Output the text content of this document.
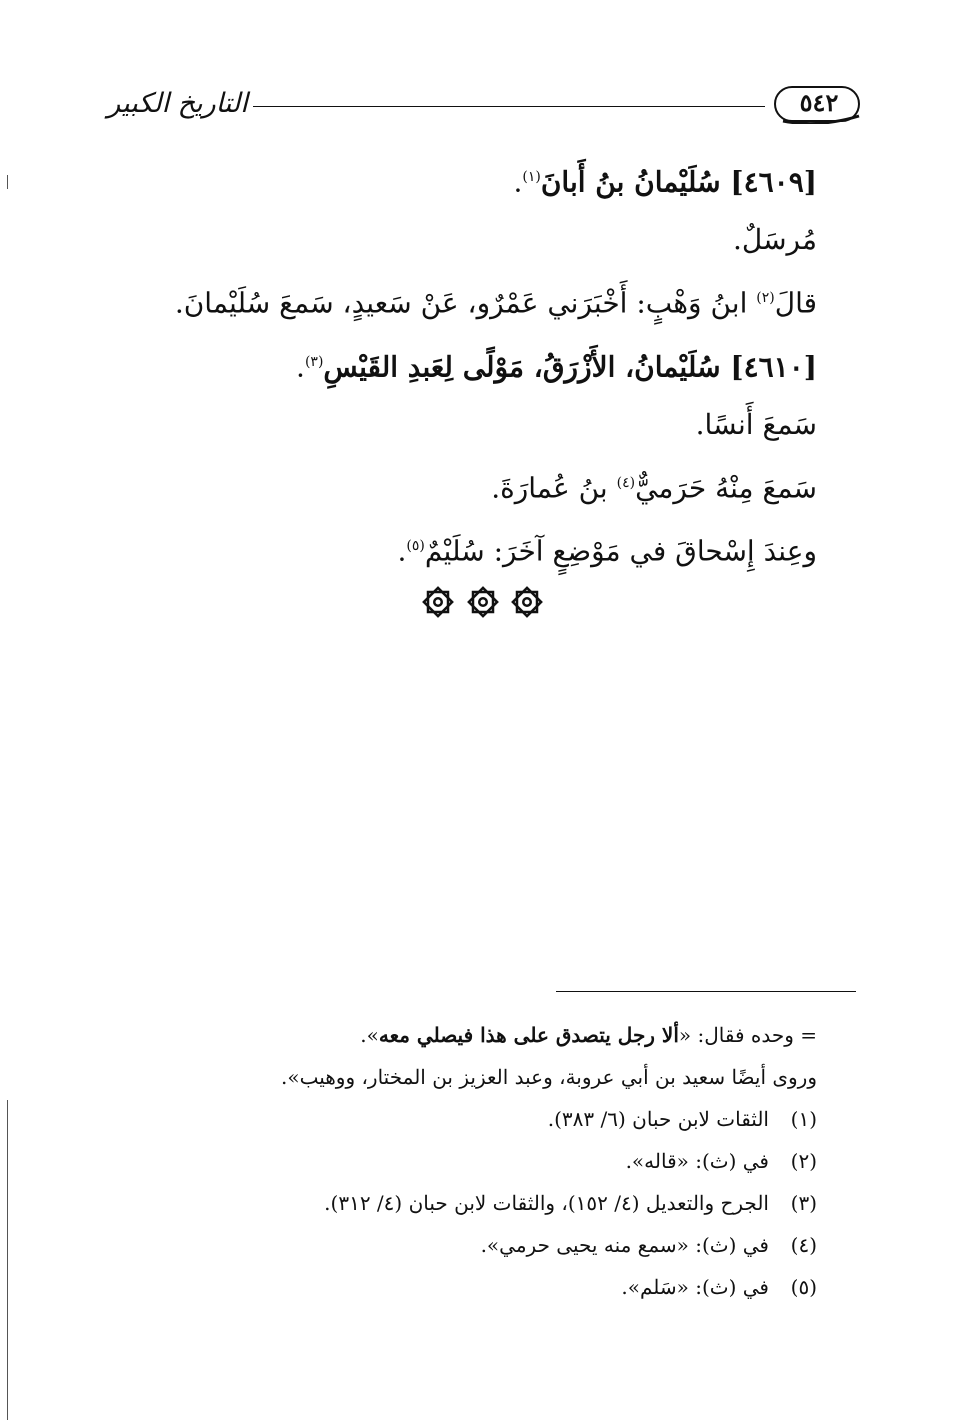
التاريخ الكبير	٥٤٢

[٤٦٠٩] سُلَيْمانُ بنُ أَبانَ$^{(١)}$.

مُرسَلٌ.

قالَ$^{(٢)}$ ابنُ وَهْبٍ: أَخْبَرَني عَمْرٌو، عَنْ سَعيدٍ، سَمعَ سُلَيْمانَ.

[٤٦١٠] سُلَيْمانُ، الأَزْرَقُ، مَوْلًى لِعَبدِ القَيْسِ$^{(٣)}$.

سَمعَ أَنسًا.

سَمعَ مِنْهُ حَرَميٌّ$^{(٤)}$ بنُ عُمارَةَ.

وعِندَ إِسْحاقَ في مَوْضِعٍ آخَرَ: سُلَيْمٌ$^{(٥)}$.

= وحده فقال: «ألا رجل يتصدق على هذا فيصلي معه».
وروى أيضًا سعيد بن أبي عروبة، وعبد العزيز بن المختار، ووهيب».
(١)الثقات لابن حبان (٦/ ٣٨٣).
(٢)في (ث): «قاله».
(٣)الجرح والتعديل (٤/ ١٥٢)، والثقات لابن حبان (٤/ ٣١٢).
(٤)في (ث): «سمع منه يحيى حرمي».
(٥)في (ث): «سَلم».
